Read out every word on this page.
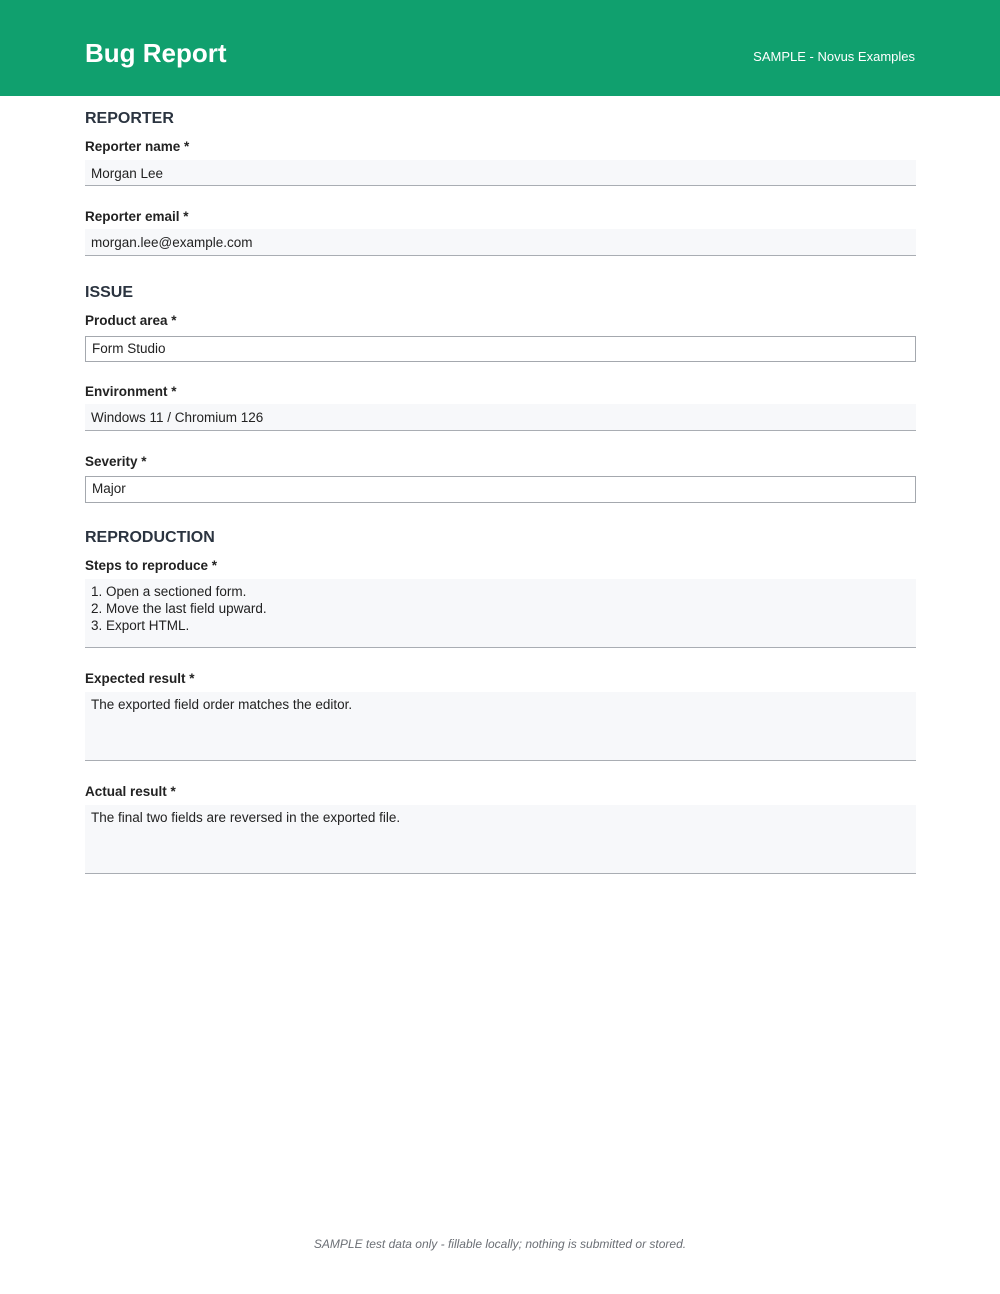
Bug Report	SAMPLE - Novus Examples
REPORTER
Reporter name *
Morgan Lee
Reporter email *
morgan.lee@example.com
ISSUE
Product area *
Form Studio
Environment *
Windows 11 / Chromium 126
Severity *
Major
REPRODUCTION
Steps to reproduce *
1. Open a sectioned form.
2. Move the last field upward.
3. Export HTML.
Expected result *
The exported field order matches the editor.
Actual result *
The final two fields are reversed in the exported file.
SAMPLE test data only - fillable locally; nothing is submitted or stored.
